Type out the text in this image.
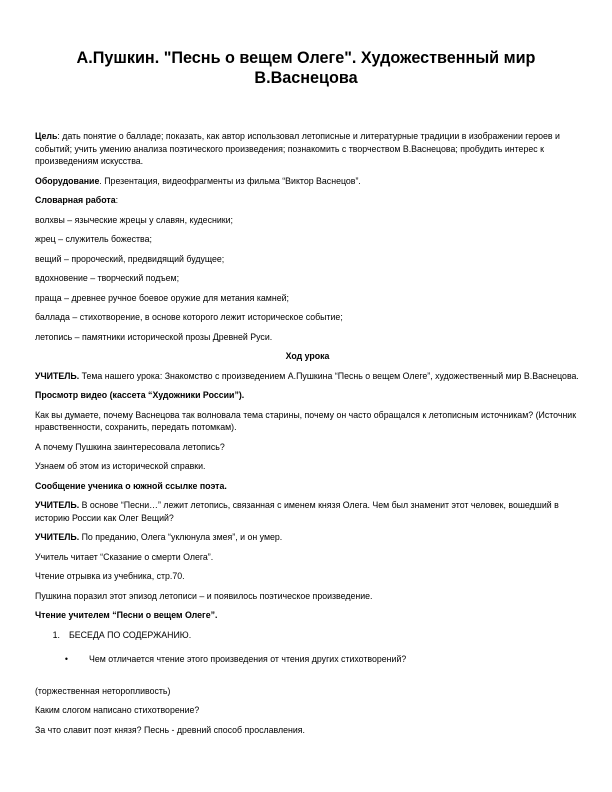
А.Пушкин. "Песнь о вещем Олеге". Художественный мир В.Васнецова

Цель: дать понятие о балладе; показать, как автор использовал летописные и литературные традиции в изображении героев и событий; учить умению анализа поэтического произведения; познакомить с творчеством В.Васнецова; пробудить интерес к произведениям искусства.

Оборудование. Презентация, видеофрагменты из фильма “Виктор Васнецов”.

Словарная работа:

волхвы – языческие жрецы у славян, кудесники;

жрец – служитель божества;

вещий – пророческий, предвидящий будущее;

вдохновение – творческий подъем;

праща – древнее ручное боевое оружие для метания камней;

баллада – стихотворение, в основе которого лежит историческое событие;

летопись – памятники исторической прозы Древней Руси.

Ход урока

УЧИТЕЛЬ. Тема нашего урока: Знакомство с произведением А.Пушкина “Песнь о вещем Олеге”, художественный мир В.Васнецова.

Просмотр видео (кассета “Художники России”).

Как вы думаете, почему Васнецова так волновала тема старины, почему он часто обращался к летописным источникам? (Источник нравственности, сохранить, передать потомкам).

А почему Пушкина заинтересовала летопись?

Узнаем об этом из исторической справки.

Сообщение ученика о южной ссылке поэта.

УЧИТЕЛЬ. В основе “Песни…” лежит летопись, связанная с именем князя Олега. Чем был знаменит этот человек, вошедший в историю России как Олег Вещий?

УЧИТЕЛЬ. По преданию, Олега “уклюнула змея”, и он умер.

Учитель читает “Сказание о смерти Олега”.

Чтение отрывка из учебника, стр.70.

Пушкина поразил этот эпизод летописи – и появилось поэтическое произведение.

Чтение учителем “Песни о вещем Олеге”.

1.	БЕСЕДА ПО СОДЕРЖАНИЮ.
•	Чем отличается чтение этого произведения от чтения других стихотворений?

(торжественная неторопливость)

Каким слогом написано стихотворение?

За что славит поэт князя? Песнь - древний способ прославления.
